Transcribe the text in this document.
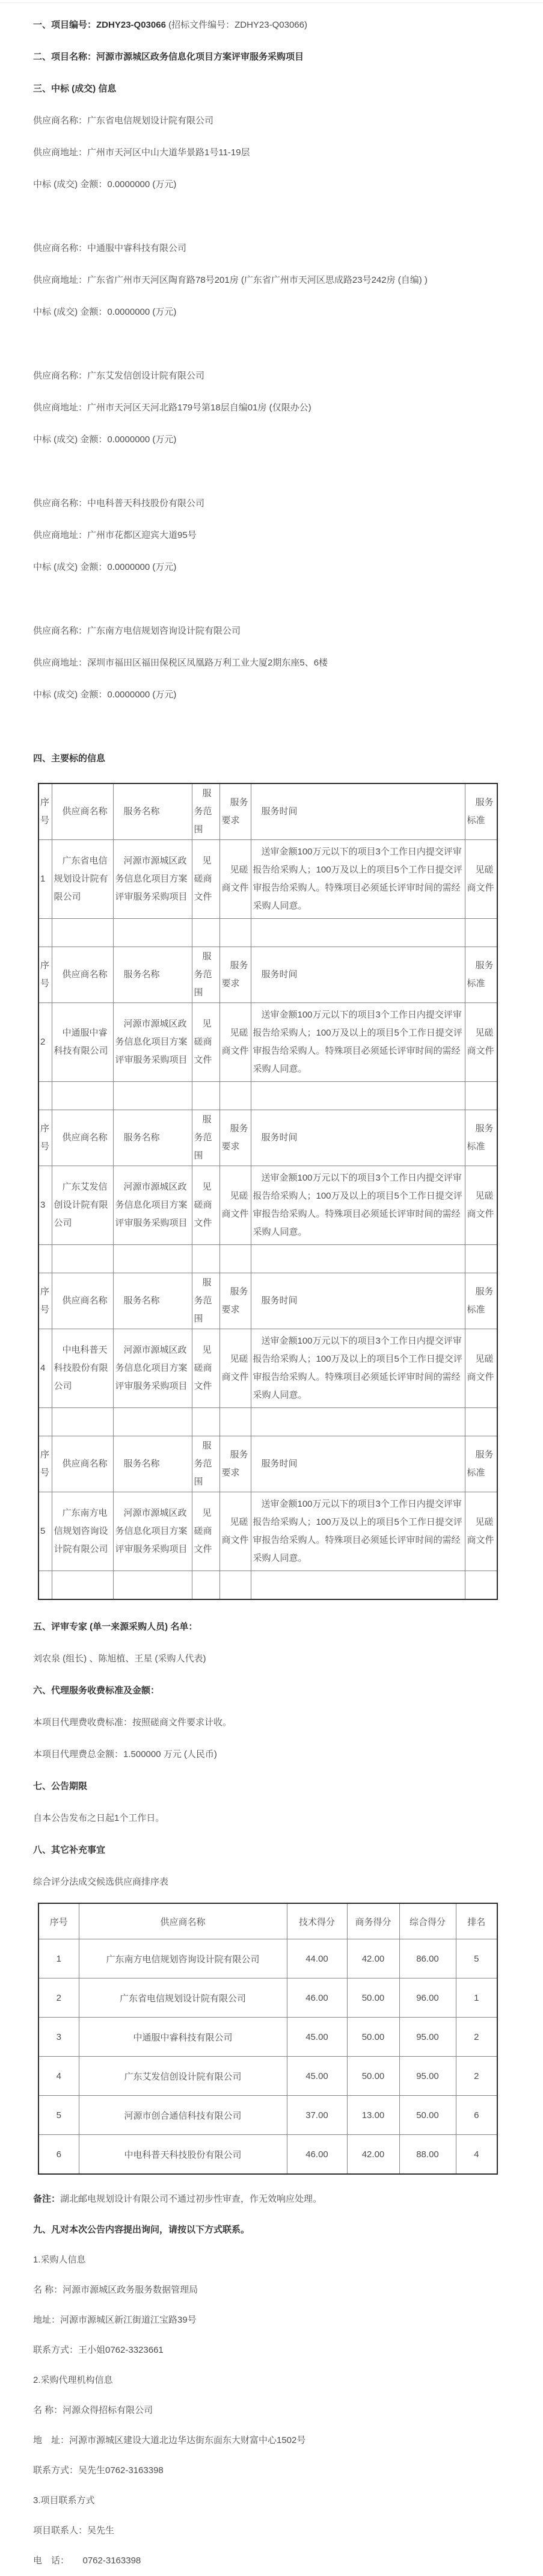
一、项目编号：ZDHY23-Q03066 (招标文件编号：ZDHY23-Q03066)

二、项目名称：河源市源城区政务信息化项目方案评审服务采购项目

三、中标 (成交) 信息

供应商名称：广东省电信规划设计院有限公司

供应商地址：广州市天河区中山大道华景路1号11-19层

中标 (成交) 金额：0.0000000 (万元)

供应商名称：中通服中睿科技有限公司

供应商地址：广东省广州市天河区陶育路78号201房 (广东省广州市天河区思成路23号242房 (自编) )

中标 (成交) 金额：0.0000000 (万元)

供应商名称：广东艾发信创设计院有限公司

供应商地址：广州市天河区天河北路179号第18层自编01房 (仅限办公)

中标 (成交) 金额：0.0000000 (万元)

供应商名称：中电科普天科技股份有限公司

供应商地址：广州市花都区迎宾大道95号

中标 (成交) 金额：0.0000000 (万元)

供应商名称：广东南方电信规划咨询设计院有限公司

供应商地址：深圳市福田区福田保税区凤凰路万利工业大厦2期东座5、6楼

中标 (成交) 金额：0.0000000 (万元)

四、主要标的信息

序号	供应商名称	服务名称	服务范围	服务要求	服务时间	服务标准
1	广东省电信规划设计院有限公司	河源市源城区政务信息化项目方案评审服务采购项目	见磋商文件	见磋商文件	送审金额100万元以下的项目3个工作日内提交评审报告给采购人；100万及以上的项目5个工作日提交评审报告给采购人。特殊项目必须延长评审时间的需经采购人同意。	见磋商文件

序号	供应商名称	服务名称	服务范围	服务要求	服务时间	服务标准
2	中通服中睿科技有限公司	河源市源城区政务信息化项目方案评审服务采购项目	见磋商文件	见磋商文件	送审金额100万元以下的项目3个工作日内提交评审报告给采购人；100万及以上的项目5个工作日提交评审报告给采购人。特殊项目必须延长评审时间的需经采购人同意。	见磋商文件

序号	供应商名称	服务名称	服务范围	服务要求	服务时间	服务标准
3	广东艾发信创设计院有限公司	河源市源城区政务信息化项目方案评审服务采购项目	见磋商文件	见磋商文件	送审金额100万元以下的项目3个工作日内提交评审报告给采购人；100万及以上的项目5个工作日提交评审报告给采购人。特殊项目必须延长评审时间的需经采购人同意。	见磋商文件

序号	供应商名称	服务名称	服务范围	服务要求	服务时间	服务标准
4	中电科普天科技股份有限公司	河源市源城区政务信息化项目方案评审服务采购项目	见磋商文件	见磋商文件	送审金额100万元以下的项目3个工作日内提交评审报告给采购人；100万及以上的项目5个工作日提交评审报告给采购人。特殊项目必须延长评审时间的需经采购人同意。	见磋商文件

序号	供应商名称	服务名称	服务范围	服务要求	服务时间	服务标准
5	广东南方电信规划咨询设计院有限公司	河源市源城区政务信息化项目方案评审服务采购项目	见磋商文件	见磋商文件	送审金额100万元以下的项目3个工作日内提交评审报告给采购人；100万及以上的项目5个工作日提交评审报告给采购人。特殊项目必须延长评审时间的需经采购人同意。	见磋商文件

五、评审专家 (单一来源采购人员) 名单：

刘农泉 (组长) 、陈旭植、王星 (采购人代表)

六、代理服务收费标准及金额：

本项目代理费收费标准：按照磋商文件要求计收。

本项目代理费总金额：1.500000 万元 (人民币)

七、公告期限

自本公告发布之日起1个工作日。

八、其它补充事宜

综合评分法成交候选供应商排序表

序号	供应商名称	技术得分	商务得分	综合得分	排名
1	广东南方电信规划咨询设计院有限公司	44.00	42.00	86.00	5
2	广东省电信规划设计院有限公司	46.00	50.00	96.00	1
3	中通服中睿科技有限公司	45.00	50.00	95.00	2
4	广东艾发信创设计院有限公司	45.00	50.00	95.00	2
5	河源市创合通信科技有限公司	37.00	13.00	50.00	6
6	中电科普天科技股份有限公司	46.00	42.00	88.00	4

备注：湖北邮电规划设计有限公司不通过初步性审查，作无效响应处理。

九、凡对本次公告内容提出询问，请按以下方式联系。

1.采购人信息

名 称：河源市源城区政务服务数据管理局

地址：河源市源城区新江街道江宝路39号

联系方式：王小姐0762-3323661

2.采购代理机构信息

名 称：河源众得招标有限公司

地　址：河源市源城区建设大道北边华达街东面东大财富中心1502号

联系方式：吴先生0762-3163398

3.项目联系方式

项目联系人：吴先生

电　话：　　0762-3163398
